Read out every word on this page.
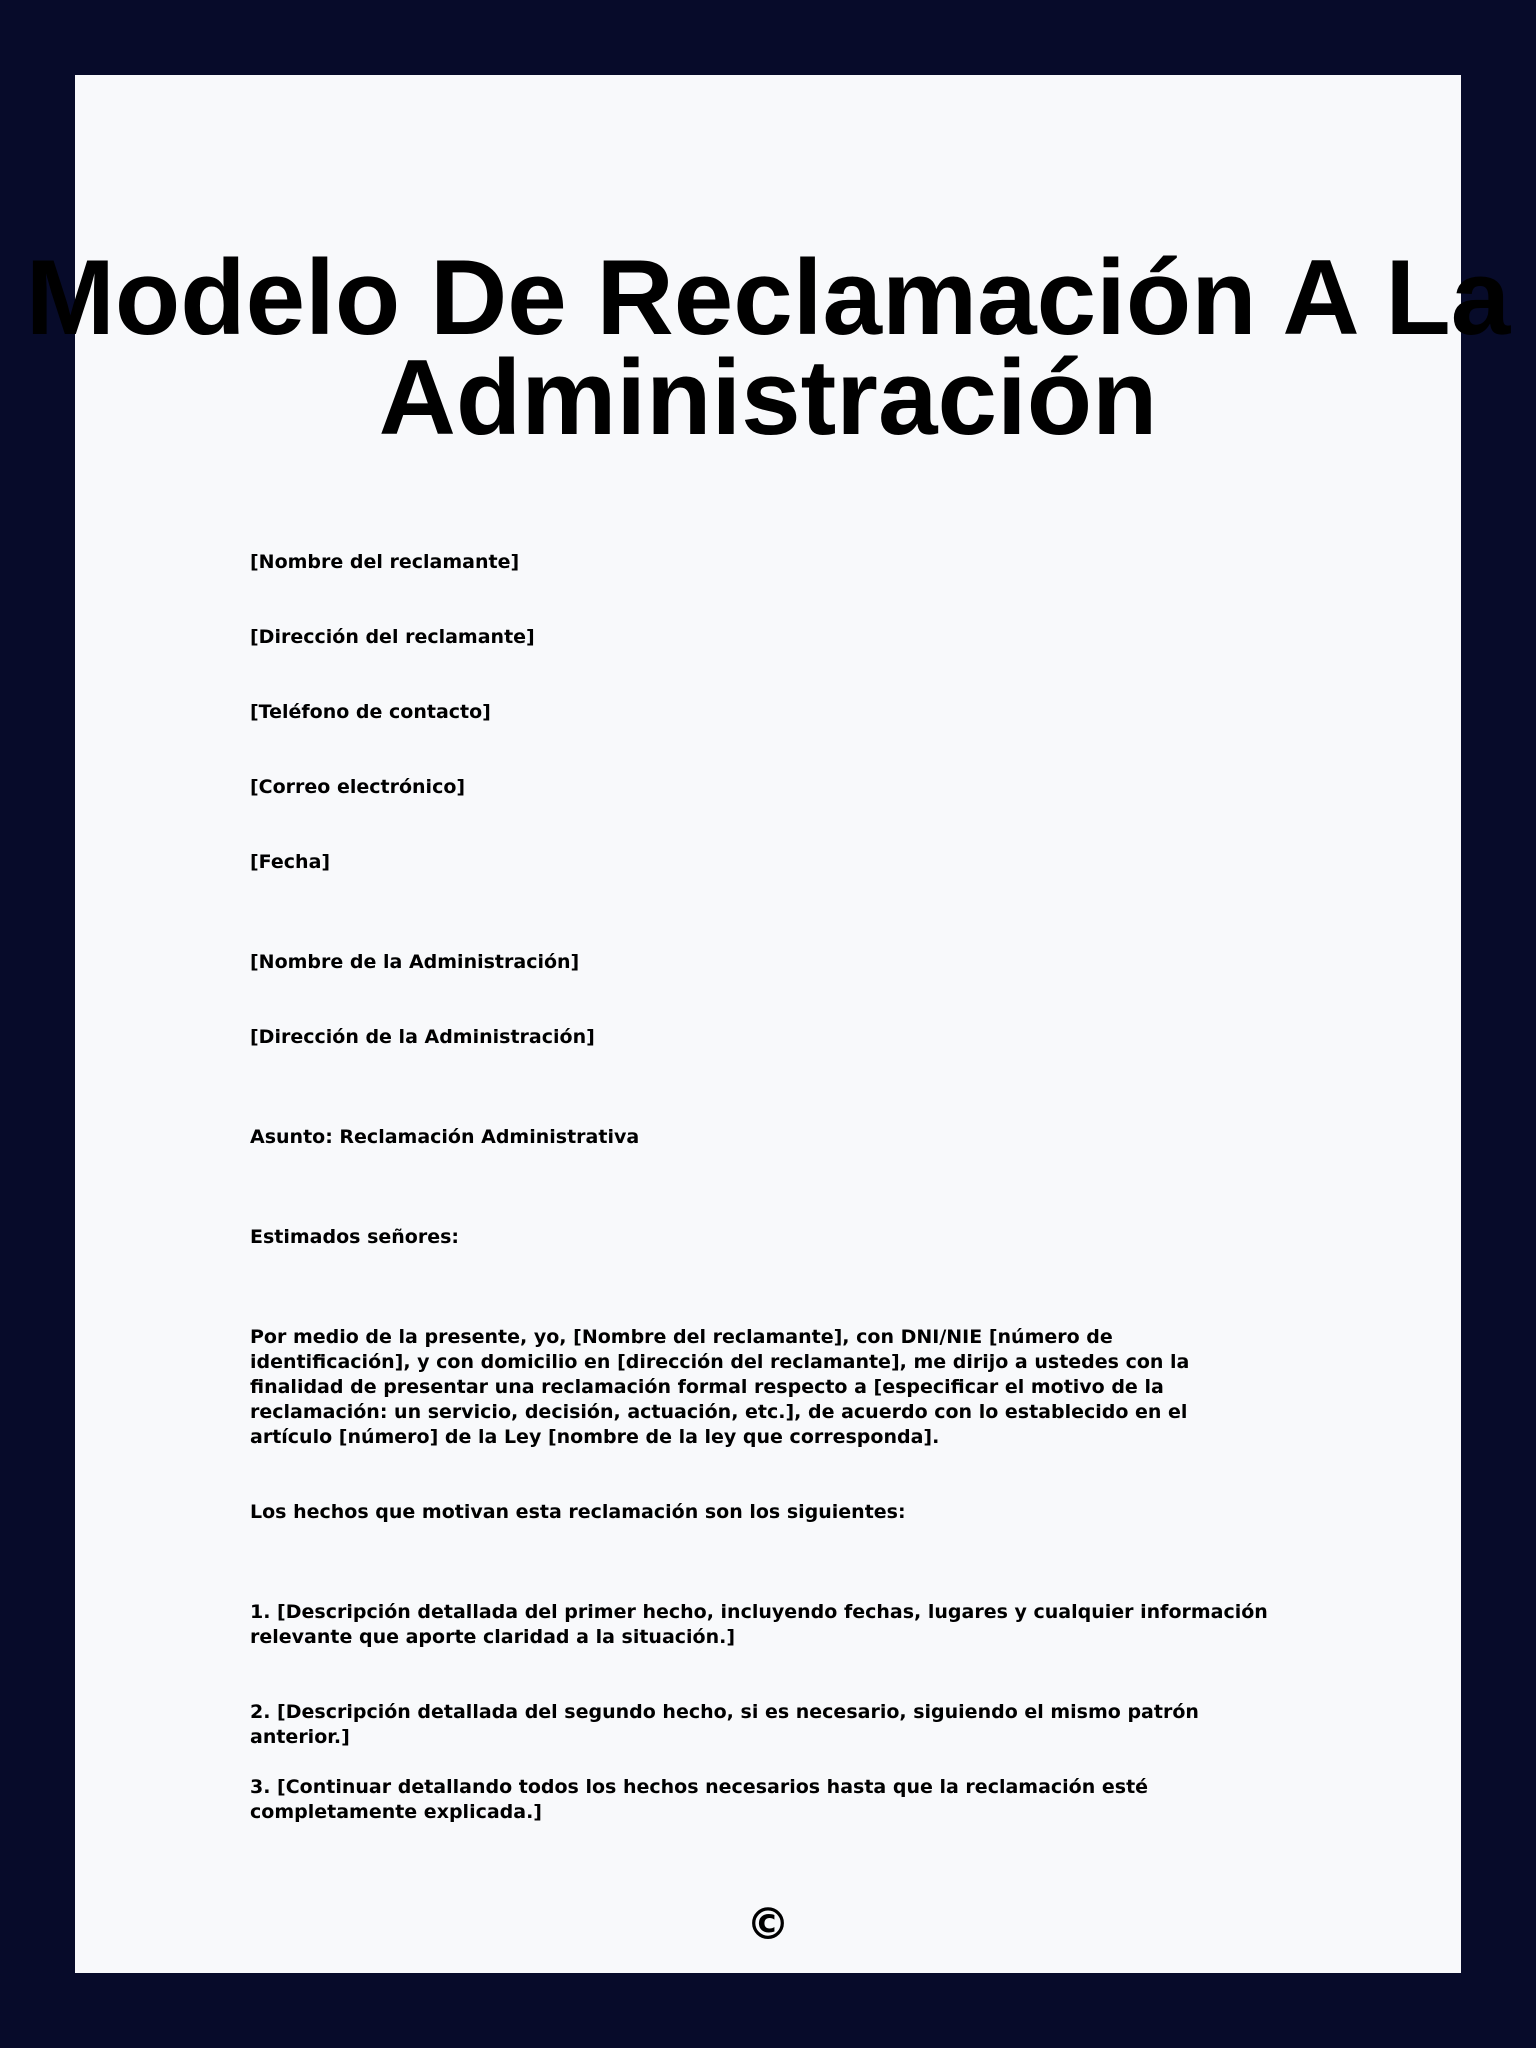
Modelo De Reclamación A La
Administración

[Nombre del reclamante]

[Dirección del reclamante]

[Teléfono de contacto]

[Correo electrónico]

[Fecha]

[Nombre de la Administración]

[Dirección de la Administración]

Asunto: Reclamación Administrativa

Estimados señores:

Por medio de la presente, yo, [Nombre del reclamante], con DNI/NIE [número de identificación], y con domicilio en [dirección del reclamante], me dirijo a ustedes con la finalidad de presentar una reclamación formal respecto a [especificar el motivo de la reclamación: un servicio, decisión, actuación, etc.], de acuerdo con lo establecido en el artículo [número] de la Ley [nombre de la ley que corresponda].

Los hechos que motivan esta reclamación son los siguientes:

1. [Descripción detallada del primer hecho, incluyendo fechas, lugares y cualquier información relevante que aporte claridad a la situación.]

2. [Descripción detallada del segundo hecho, si es necesario, siguiendo el mismo patrón anterior.]

3. [Continuar detallando todos los hechos necesarios hasta que la reclamación esté completamente explicada.]

©
